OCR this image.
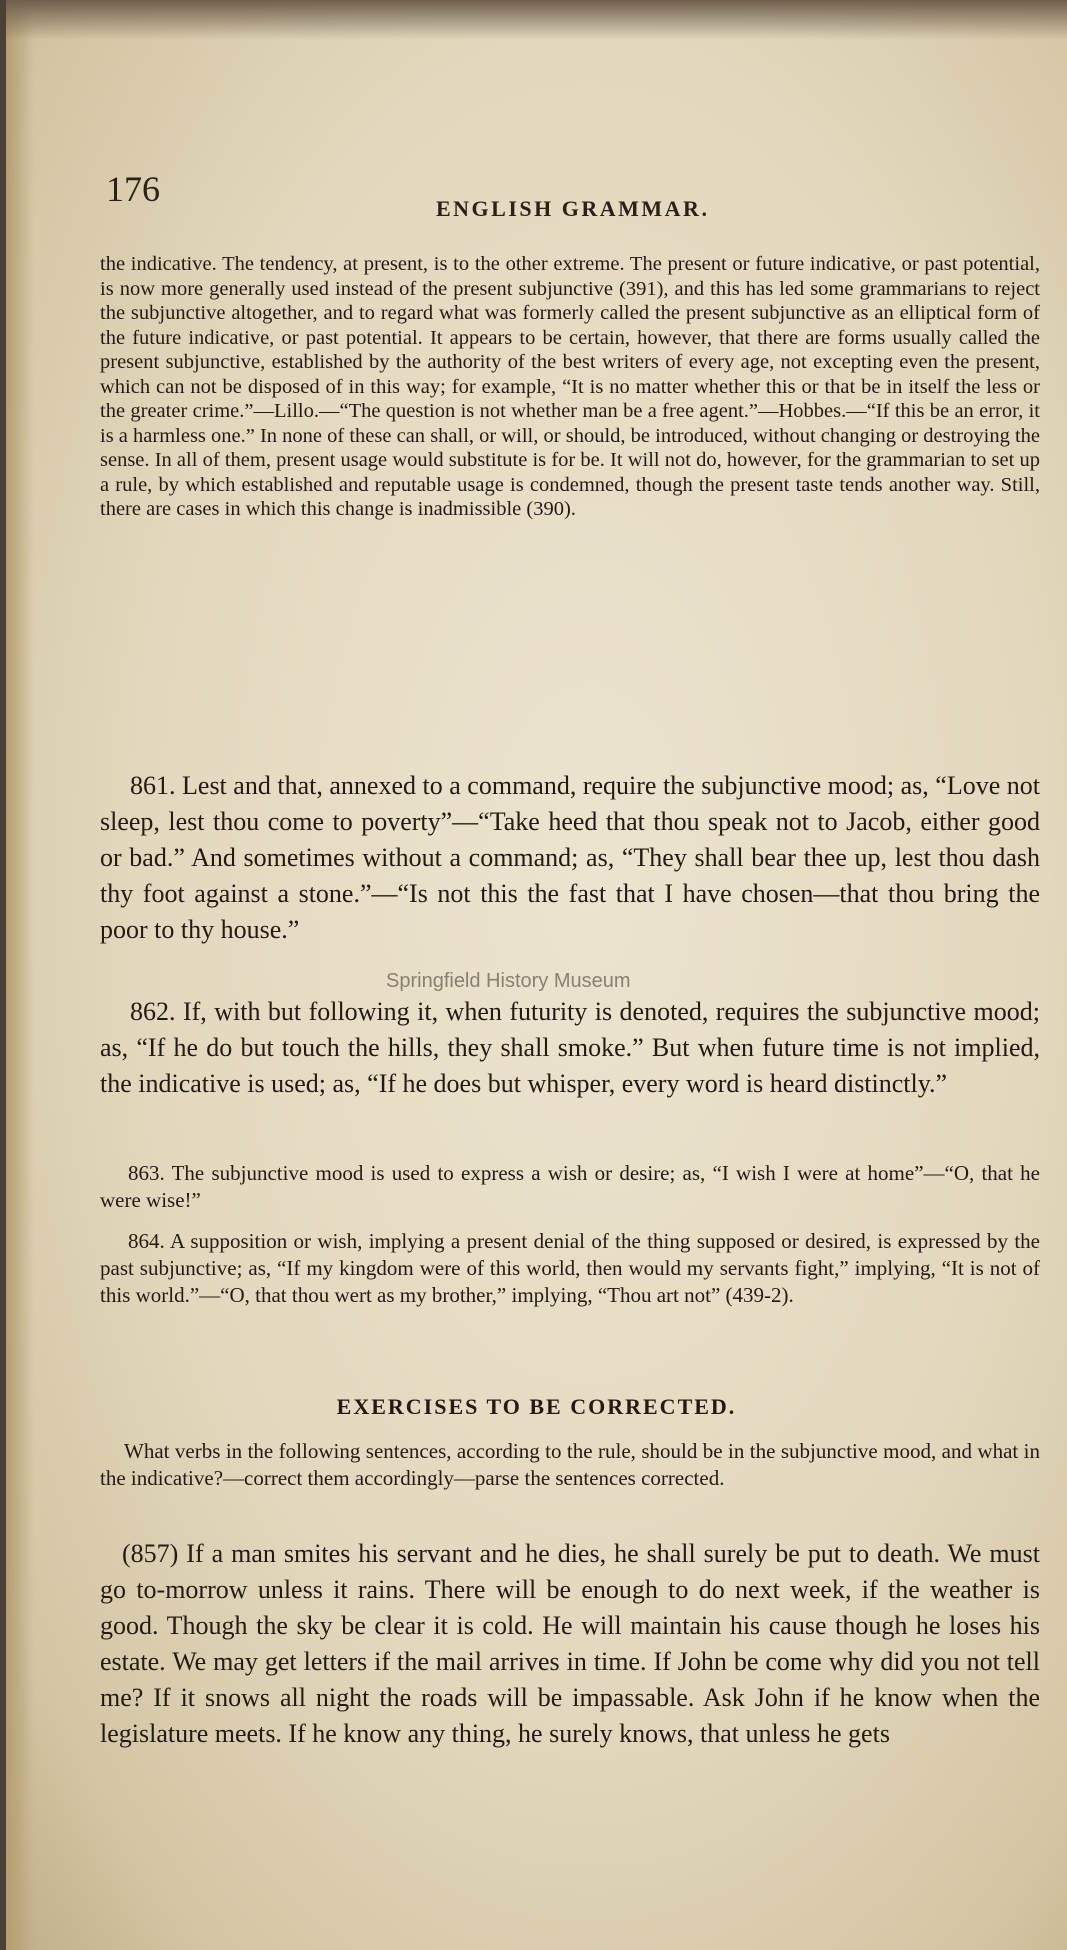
176	ENGLISH GRAMMAR.

the indicative. The tendency, at present, is to the other extreme. The present or future indicative, or past potential, is now more generally used instead of the present subjunctive (391), and this has led some grammarians to reject the subjunctive altogether, and to regard what was formerly called the present subjunctive as an elliptical form of the future indicative, or past potential. It appears to be certain, however, that there are forms usually called the present subjunctive, established by the authority of the best writers of every age, not excepting even the present, which can not be disposed of in this way; for example, “It is no matter whether this or that be in itself the less or the greater crime.”—Lillo.—“The question is not whether man be a free agent.”—Hobbes.—“If this be an error, it is a harmless one.” In none of these can shall, or will, or should, be introduced, without changing or destroying the sense. In all of them, present usage would substitute is for be. It will not do, however, for the grammarian to set up a rule, by which established and reputable usage is condemned, though the present taste tends another way. Still, there are cases in which this change is inadmissible (390).

861. Lest and that, annexed to a command, require the subjunctive mood; as, “Love not sleep, lest thou come to poverty”—“Take heed that thou speak not to Jacob, either good or bad.” And sometimes without a command; as, “They shall bear thee up, lest thou dash thy foot against a stone.”—“Is not this the fast that I have chosen—that thou bring the poor to thy house.”

862. If, with but following it, when futurity is denoted, requires the subjunctive mood; as, “If he do but touch the hills, they shall smoke.” But when future time is not implied, the indicative is used; as, “If he does but whisper, every word is heard distinctly.”

863. The subjunctive mood is used to express a wish or desire; as, “I wish I were at home”—“O, that he were wise!”

864. A supposition or wish, implying a present denial of the thing supposed or desired, is expressed by the past subjunctive; as, “If my kingdom were of this world, then would my servants fight,” implying, “It is not of this world.”—“O, that thou wert as my brother,” implying, “Thou art not” (439-2).

EXERCISES TO BE CORRECTED.

What verbs in the following sentences, according to the rule, should be in the subjunctive mood, and what in the indicative?—correct them accordingly—parse the sentences corrected.

(857) If a man smites his servant and he dies, he shall surely be put to death. We must go to-morrow unless it rains. There will be enough to do next week, if the weather is good. Though the sky be clear it is cold. He will maintain his cause though he loses his estate. We may get letters if the mail arrives in time. If John be come why did you not tell me? If it snows all night the roads will be impassable. Ask John if he know when the legislature meets. If he know any thing, he surely knows, that unless he gets

Springfield History Museum
